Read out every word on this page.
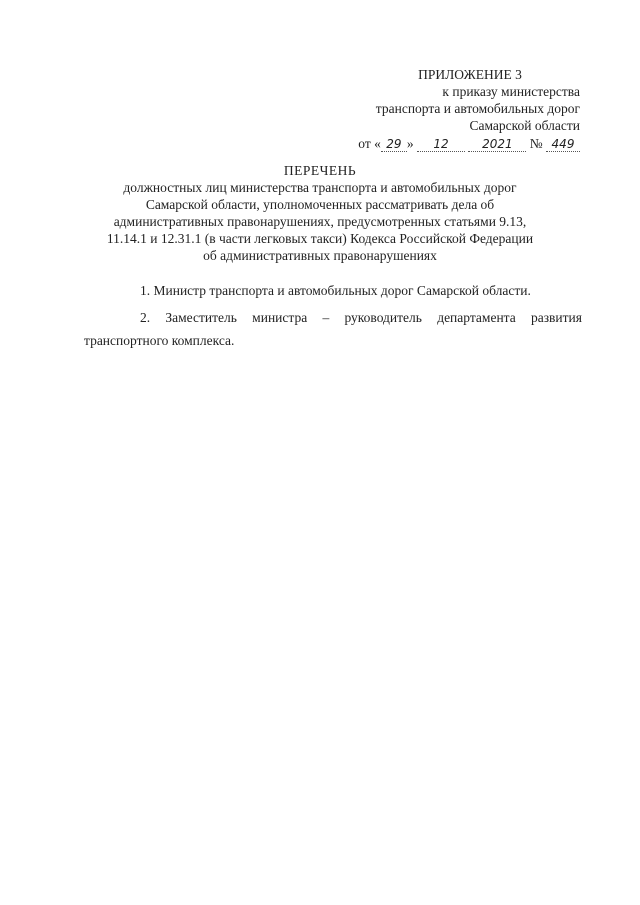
ПРИЛОЖЕНИЕ 3
к приказу министерства
транспорта и автомобильных дорог
Самарской области
от « 29 » 12	2021 № 449
ПЕРЕЧЕНЬ
должностных лиц министерства транспорта и автомобильных дорог
Самарской области, уполномоченных рассматривать дела об
административных правонарушениях, предусмотренных статьями 9.13,
11.14.1 и 12.31.1 (в части легковых такси) Кодекса Российской Федерации
об административных правонарушениях
1. Министр транспорта и автомобильных дорог Самарской области.
2. Заместитель министра – руководитель департамента развития
транспортного комплекса.
